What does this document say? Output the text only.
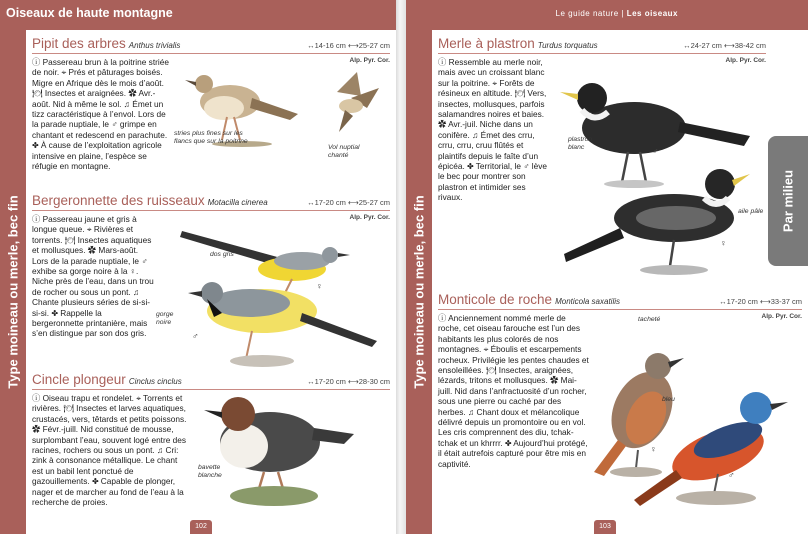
Oiseaux de haute montagne
Type moineau ou merle, bec fin
Pipit des arbres Anthus trivialis	↔14-16 cm ⟷25-27 cm
Alp. Pyr. Cor.
ⓘ Passereau brun à la poitrine striée de noir. ⌖ Prés et pâturages boisés. Migre en Afrique dès le mois d’août. 🍽 Insectes et araignées. ✿ Avr.-août. Nid à même le sol. ♫ Émet un tizz caractéristique à l’envol. Lors de la parade nuptiale, le ♂ grimpe en chantant et redescend en parachute. ✤ À cause de l’exploitation agricole intensive en plaine, l’espèce se réfugie en montagne.
stries plus fines sur les flancs que sur la poitrine
Vol nuptial chanté
Bergeronnette des ruisseaux Motacilla cinerea	↔17-20 cm ⟷25-27 cm
Alp. Pyr. Cor.
ⓘ Passereau jaune et gris à longue queue. ⌖ Rivières et torrents. 🍽 Insectes aquatiques et mollusques. ✿ Mars-août. Lors de la parade nuptiale, le ♂ exhibe sa gorge noire à la ♀. Niche près de l’eau, dans un trou de rocher ou sous un pont. ♫ Chante plusieurs séries de si-si-si-si. ✤ Rappelle la bergeronnette printanière, mais s’en distingue par son dos gris.
dos gris
gorge noire
♀
♂
Cincle plongeur Cinclus cinclus	↔17-20 cm ⟷28-30 cm
ⓘ Oiseau trapu et rondelet. ⌖ Torrents et rivières. 🍽 Insectes et larves aquatiques, crustacés, vers, têtards et petits poissons. ✿ Févr.-juill. Nid constitué de mousse, surplombant l’eau, souvent logé entre des racines, rochers ou sous un pont. ♫ Cri: zink à consonance métallique. Le chant est un babil lent ponctué de gazouillements. ✤ Capable de plonger, nager et de marcher au fond de l’eau à la recherche de proies.
bavette blanche
102
Le guide nature | Les oiseaux
Type moineau ou merle, bec fin	Par milieu
Merle à plastron Turdus torquatus	↔24-27 cm ⟷38-42 cm
Alp. Pyr. Cor.
ⓘ Ressemble au merle noir, mais avec un croissant blanc sur la poitrine. ⌖ Forêts de résineux en altitude. 🍽 Vers, insectes, mollusques, parfois salamandres noires et baies. ✿ Avr.-juil. Niche dans un conifère. ♫ Émet des crru, crru, crru, cruu flûtés et plaintifs depuis le faîte d’un épicéa. ✤ Territorial, le ♂ lève le bec pour montrer son plastron et intimider ses rivaux.
plastron blanc
aile pâle
♂
♀
Monticole de roche Monticola saxatilis	↔17-20 cm ⟷33-37 cm
Alp. Pyr. Cor.
ⓘ Anciennement nommé merle de roche, cet oiseau farouche est l’un des habitants les plus colorés de nos montagnes. ⌖ Éboulis et escarpements rocheux. Privilégie les pentes chaudes et ensoleillées. 🍽 Insectes, araignées, lézards, tritons et mollusques. ✿ Mai-juill. Nid dans l’anfractuosité d’un rocher, sous une pierre ou caché par des herbes. ♫ Chant doux et mélancolique délivré depuis un promontoire ou en vol. Les cris comprennent des diu, tchak-tchak et un khrrrr. ✤ Aujourd’hui protégé, il était autrefois capturé pour être mis en captivité.
tacheté
bleu
♀
♂
103
